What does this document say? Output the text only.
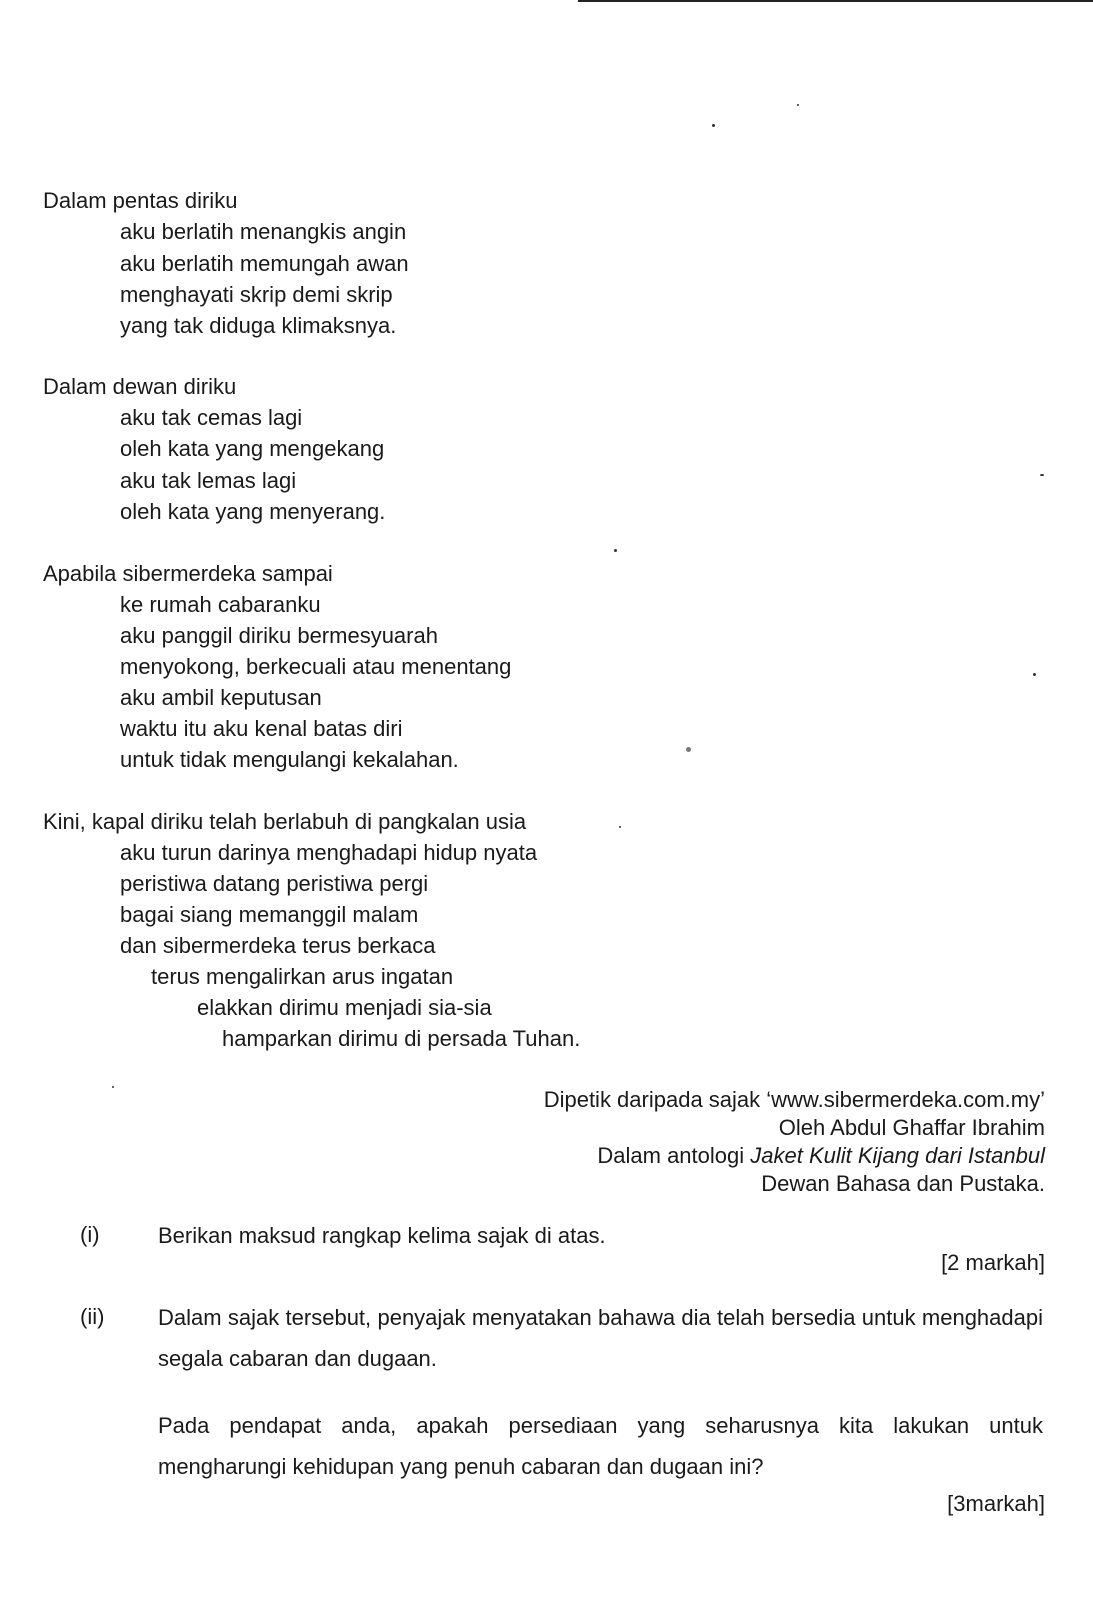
Dalam pentas diriku
aku berlatih menangkis angin
aku berlatih memungah awan
menghayati skrip demi skrip
yang tak diduga klimaksnya.
Dalam dewan diriku
aku tak cemas lagi
oleh kata yang mengekang
aku tak lemas lagi
oleh kata yang menyerang.
Apabila sibermerdeka sampai
ke rumah cabaranku
aku panggil diriku bermesyuarah
menyokong, berkecuali atau menentang
aku ambil keputusan
waktu itu aku kenal batas diri
untuk tidak mengulangi kekalahan.
Kini, kapal diriku telah berlabuh di pangkalan usia
aku turun darinya menghadapi hidup nyata
peristiwa datang peristiwa pergi
bagai siang memanggil malam
dan sibermerdeka terus berkaca
terus mengalirkan arus ingatan
elakkan dirimu menjadi sia-sia
hamparkan dirimu di persada Tuhan.
Dipetik daripada sajak ‘www.sibermerdeka.com.my’
Oleh Abdul Ghaffar Ibrahim
Dalam antologi Jaket Kulit Kijang dari Istanbul
Dewan Bahasa dan Pustaka.
(i)	Berikan maksud rangkap kelima sajak di atas.
[2 markah]
(ii) Dalam sajak tersebut, penyajak menyatakan bahawa dia telah bersedia untuk menghadapi segala cabaran dan dugaan.
Pada pendapat anda, apakah persediaan yang seharusnya kita lakukan untuk mengharungi kehidupan yang penuh cabaran dan dugaan ini?
[3markah]
